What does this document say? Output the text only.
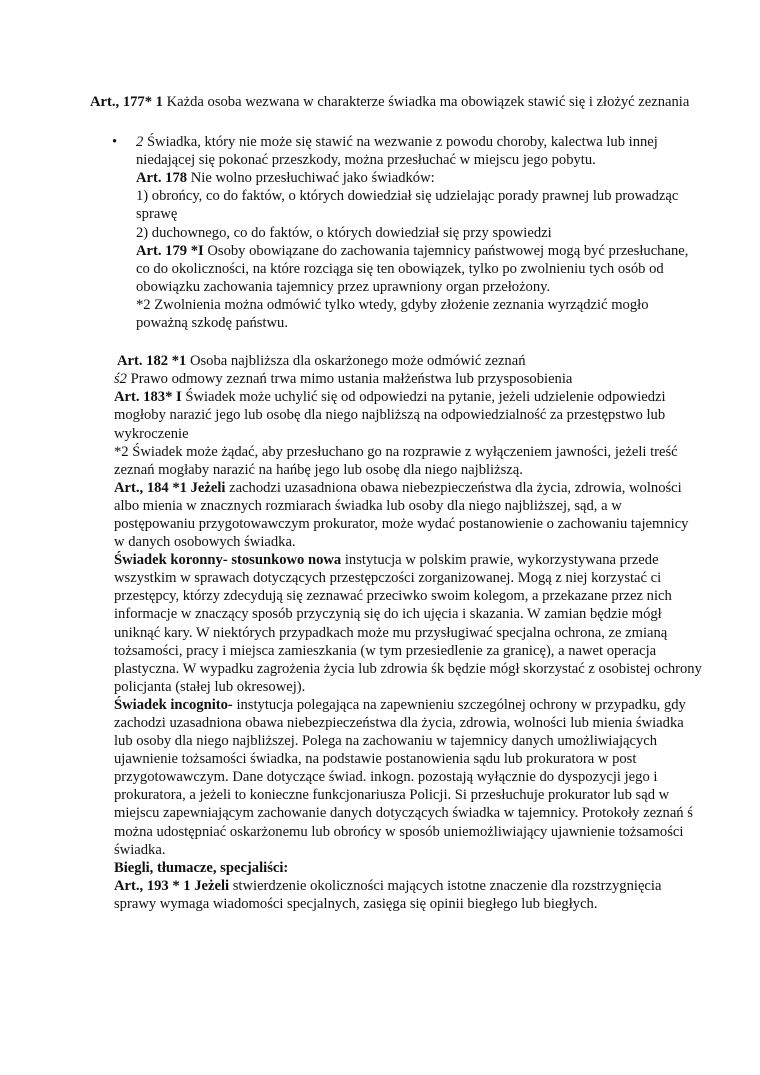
Art., 177* 1 Każda osoba wezwana w charakterze świadka ma obowiązek stawić się i złożyć zeznania

• 2 Świadka, który nie może się stawić na wezwanie z powodu choroby, kalectwa lub innej niedającej się pokonać przeszkody, można przesłuchać w miejscu jego pobytu.
Art. 178 Nie wolno przesłuchiwać jako świadków:
1) obrońcy, co do faktów, o których dowiedział się udzielając porady prawnej lub prowadząc sprawę
2) duchownego, co do faktów, o których dowiedział się przy spowiedzi
Art. 179 *I Osoby obowiązane do zachowania tajemnicy państwowej mogą być przesłuchane, co do okoliczności, na które rozciąga się ten obowiązek, tylko po zwolnieniu tych osób od obowiązku zachowania tajemnicy przez uprawniony organ przełożony.
*2 Zwolnienia można odmówić tylko wtedy, gdyby złożenie zeznania wyrządzić mogło poważną szkodę państwu.

Art. 182 *1 Osoba najbliższa dla oskarżonego może odmówić zeznań

ś2 Prawo odmowy zeznań trwa mimo ustania małżeństwa lub przysposobienia

Art. 183* I Świadek może uchylić się od odpowiedzi na pytanie, jeżeli udzielenie odpowiedzi mogłoby narazić jego lub osobę dla niego najbliższą na odpowiedzialność za przestępstwo lub wykroczenie

*2 Świadek może żądać, aby przesłuchano go na rozprawie z wyłączeniem jawności, jeżeli treść zeznań mogłaby narazić na hańbę jego lub osobę dla niego najbliższą.

Art., 184 *1 Jeżeli zachodzi uzasadniona obawa niebezpieczeństwa dla życia, zdrowia, wolności albo mienia w znacznych rozmiarach świadka lub osoby dla niego najbliższej, sąd, a w postępowaniu przygotowawczym prokurator, może wydać postanowienie o zachowaniu tajemnicy w danych osobowych świadka.

Świadek koronny- stosunkowo nowa instytucja w polskim prawie, wykorzystywana przede wszystkim w sprawach dotyczących przestępczości zorganizowanej. Mogą z niej korzystać ci przestępcy, którzy zdecydują się zeznawać przeciwko swoim kolegom, a przekazane przez nich informacje w znaczący sposób przyczynią się do ich ujęcia i skazania. W zamian będzie mógł uniknąć kary. W niektórych przypadkach może mu przysługiwać specjalna ochrona, ze zmianą tożsamości, pracy i miejsca zamieszkania (w tym przesiedlenie za granicę), a nawet operacja plastyczna. W wypadku zagrożenia życia lub zdrowia śk będzie mógł skorzystać z osobistej ochrony policjanta (stałej lub okresowej).

Świadek incognito- instytucja polegająca na zapewnieniu szczególnej ochrony w przypadku, gdy zachodzi uzasadniona obawa niebezpieczeństwa dla życia, zdrowia, wolności lub mienia świadka lub osoby dla niego najbliższej. Polega na zachowaniu w tajemnicy danych umożliwiających ujawnienie tożsamości świadka, na podstawie postanowienia sądu lub prokuratora w post przygotowawczym. Dane dotyczące świad. inkogn. pozostają wyłącznie do dyspozycji jego i prokuratora, a jeżeli to konieczne funkcjonariusza Policji. Si przesłuchuje prokurator lub sąd w miejscu zapewniającym zachowanie danych dotyczących świadka w tajemnicy. Protokoły zeznań ś można udostępniać oskarżonemu lub obrońcy w sposób uniemożliwiający ujawnienie tożsamości świadka.

Biegli, tłumacze, specjaliści:

Art., 193 * 1 Jeżeli stwierdzenie okoliczności mających istotne znaczenie dla rozstrzygnięcia sprawy wymaga wiadomości specjalnych, zasięga się opinii biegłego lub biegłych.
